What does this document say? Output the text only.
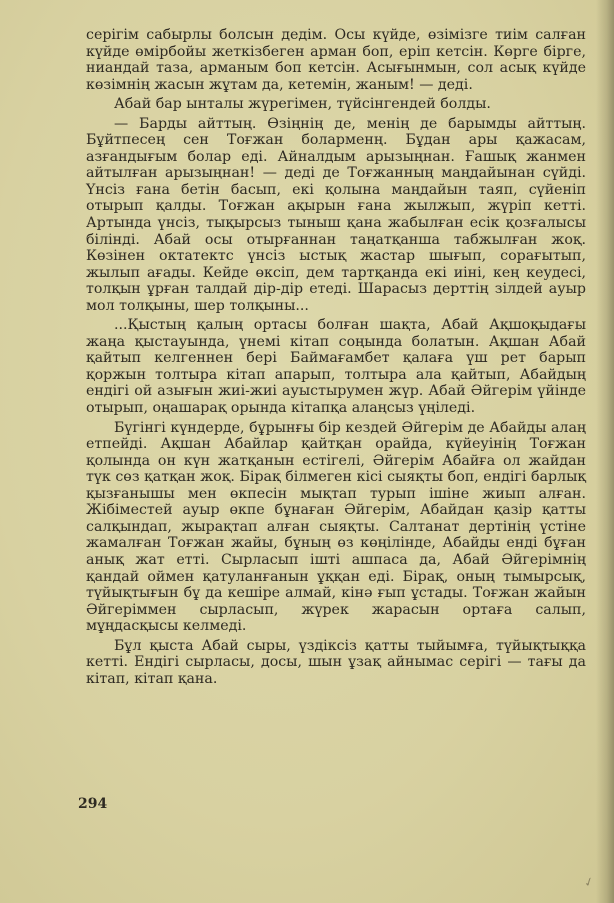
серігім сабырлы болсын дедім. Осы күйде, өзімізге тиім салған күйде өмірбойы жеткізбеген арман боп, еріп кетсін. Көрге бірге, ниандай таза, арманым боп кетсін. Асығынмын, сол асық күйде көзімнің жасын жұтам да, кетемін, жаным! — деді.

Абай бар ынталы жүрегімен, түйсінгендей болды.

— Барды айттың. Өзіңнің де, менің де барымды айттың. Бұйтпесең сен Тоғжан боларменң. Бұдан ары қажасам, азғандығым болар еді. Айналдым арызыңнан. Ғашық жанмен айтылған арызыңнан! — деді де Тоғжанның маңдайынан сүйді. Үнсіз ғана бетін басып, екі қолына маңдайын таяп, сүйеніп отырып қалды. Тоғжан ақырын ғана жылжып, жүріп кетті. Артында үнсіз, тықырсыз тыныш қана жабылған есік қозғалысы білінді. Абай осы отырғаннан таңатқанша табжылған жоқ. Көзінен октатектс үнсіз ыстық жастар шығып, сорағытып, жылып ағады. Кейде өксіп, дем тартқанда екі иіні, кең кеудесі, толқын ұрған талдай дір-дір етеді. Шарасыз дерттің зілдей ауыр мол толқыны, шер толқыны...

...Қыстың қалың ортасы болған шақта, Абай Ақшоқыдағы жаңа қыстауында, үнемі кітап соңында болатын. Ақшан Абай қайтып келгеннен бері Баймағамбет қалаға үш рет барып қоржын толтыра кітап апарып, толтыра ала қайтып, Абайдың ендігі ой азығын жиі-жиі ауыстырумен жүр. Абай Әйгерім үйінде отырып, оңашарақ орында кітапқа алаңсыз үңіледі.

Бүгінгі күндерде, бұрынғы бір кездей Әйгерім де Абайды алаң етпейді. Ақшан Абайлар қайтқан орайда, күйеуінің Тоғжан қолында он күн жатқанын естігелі, Әйгерім Абайға ол жайдан түк сөз қатқан жоқ. Бірақ білмеген кісі сыяқты боп, ендігі барлық қызғанышы мен өкпесін мықтап турып ішіне жиып алған. Жібіместей ауыр өкпе бұнаған Әйгерім, Абайдан қазір қатты салқындап, жырақтап алған сыяқты. Салтанат дертінің үстіне жамалған Тоғжан жайы, бұның өз көңілінде, Абайды енді бұған анық жат етті. Сырласып іштi ашпаса да, Абай Әйгерімнің қандай оймен қатуланғанын ұққан еді. Бірақ, оның тымырсық, түйықтығын бұ да кешіре алмай, кінә ғып ұстады. Тоғжан жайын Әйгеріммен сырласып, жүрек жарасын ортаға салып, мұңдасқысы келмеді.

Бұл қыста Абай сыры, үздіксіз қатты тыйымға, түйықтыққа кетті. Ендігі сырласы, досы, шын ұзақ айнымас серігі — тағы да кітап, кітап қана.

294
✓
